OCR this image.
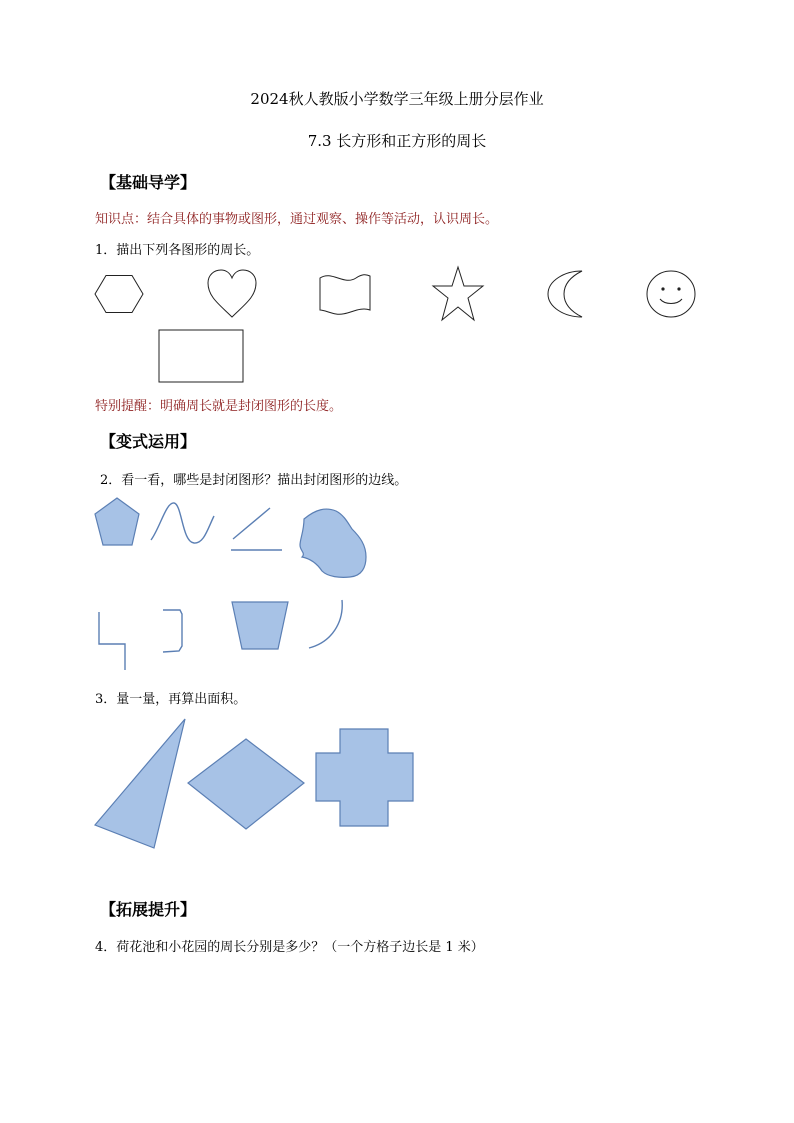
2024秋人教版小学数学三年级上册分层作业
7.3 长方形和正方形的周长
【基础导学】
知识点：结合具体的事物或图形，通过观察、操作等活动，认识周长。
1．描出下列各图形的周长。
特别提醒：明确周长就是封闭图形的长度。
【变式运用】
2．看一看，哪些是封闭图形？描出封闭图形的边线。
3．量一量，再算出面积。
【拓展提升】
4．荷花池和小花园的周长分别是多少？（一个方格子边长是 1 米）
